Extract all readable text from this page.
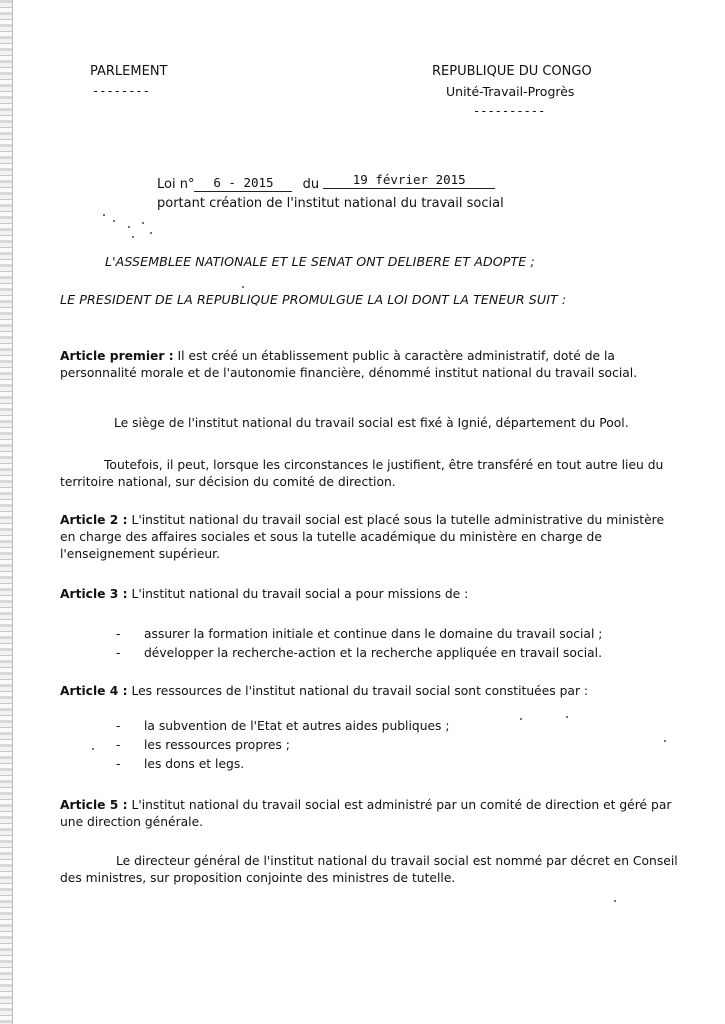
PARLEMENT
--------
REPUBLIQUE DU CONGO
Unité-Travail-Progrès
----------
Loi n° 6 - 2015 du	19 février 2015
portant création de l'institut national du travail social
L'ASSEMBLEE NATIONALE ET LE SENAT ONT DELIBERE ET ADOPTE ;
LE PRESIDENT DE LA REPUBLIQUE PROMULGUE LA LOI DONT LA TENEUR SUIT :
Article premier : Il est créé un établissement public à caractère administratif, doté de la personnalité morale et de l'autonomie financière, dénommé institut national du travail social.
Le siège de l'institut national du travail social est fixé à Ignié, département du Pool.
Toutefois, il peut, lorsque les circonstances le justifient, être transféré en tout autre lieu du territoire national, sur décision du comité de direction.
Article 2 : L'institut national du travail social est placé sous la tutelle administrative du ministère en charge des affaires sociales et sous la tutelle académique du ministère en charge de l'enseignement supérieur.
Article 3 : L'institut national du travail social a pour missions de :
- assurer la formation initiale et continue dans le domaine du travail social ;
- développer la recherche-action et la recherche appliquée en travail social.
Article 4 : Les ressources de l'institut national du travail social sont constituées par :
- la subvention de l'Etat et autres aides publiques ;
- les ressources propres ;
- les dons et legs.
Article 5 : L'institut national du travail social est administré par un comité de direction et géré par une direction générale.
Le directeur général de l'institut national du travail social est nommé par décret en Conseil des ministres, sur proposition conjointe des ministres de tutelle.
